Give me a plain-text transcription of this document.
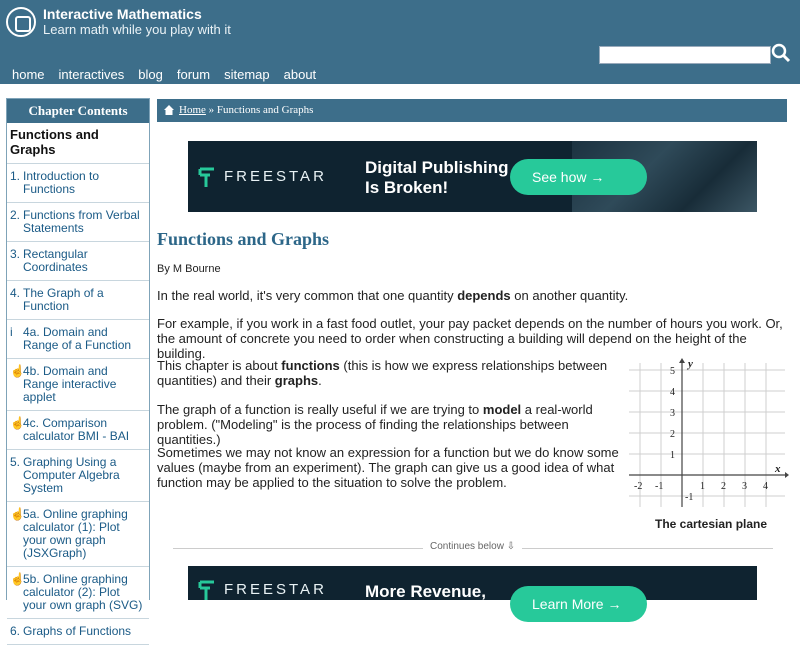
Interactive Mathematics
Learn math while you play with it
home interactives blog forum sitemap about
Chapter Contents
Functions and Graphs
1. Introduction to Functions
2. Functions from Verbal Statements
3. Rectangular Coordinates
4. The Graph of a Function
i 4a. Domain and Range of a Function
☝
4b. Domain and Range interactive applet
☝
4c. Comparison calculator BMI - BAI
5. Graphing Using a Computer Algebra System
☝
5a. Online graphing calculator (1): Plot your own graph (JSXGraph)
☝
5b. Online graphing calculator (2): Plot your own graph (SVG)
6. Graphs of Functions
Home » Functions and Graphs
FREESTAR Digital Publishing
Is Broken!
See how →
Functions and Graphs
By M Bourne

In the real world, it's very common that one quantity depends on another quantity.

For example, if you work in a fast food outlet, your pay packet depends on the number of hours you work. Or, the amount of concrete you need to order when constructing a building will depend on the height of the building.

This chapter is about functions (this is how we express relationships between quantities) and their graphs.

The graph of a function is really useful if we are trying to model a real-world problem. ("Modeling" is the process of finding the relationships between quantities.)

Sometimes we may not know an expression for a function but we do know some values (maybe from an experiment). The graph can give us a good idea of what function may be applied to the situation to solve the problem.

y
x
-2 -1	1 2 3 4
5
4
3
2
1
-1
The cartesian plane
Continues below ⇩
FREESTAR More Revenue,
Learn More →
